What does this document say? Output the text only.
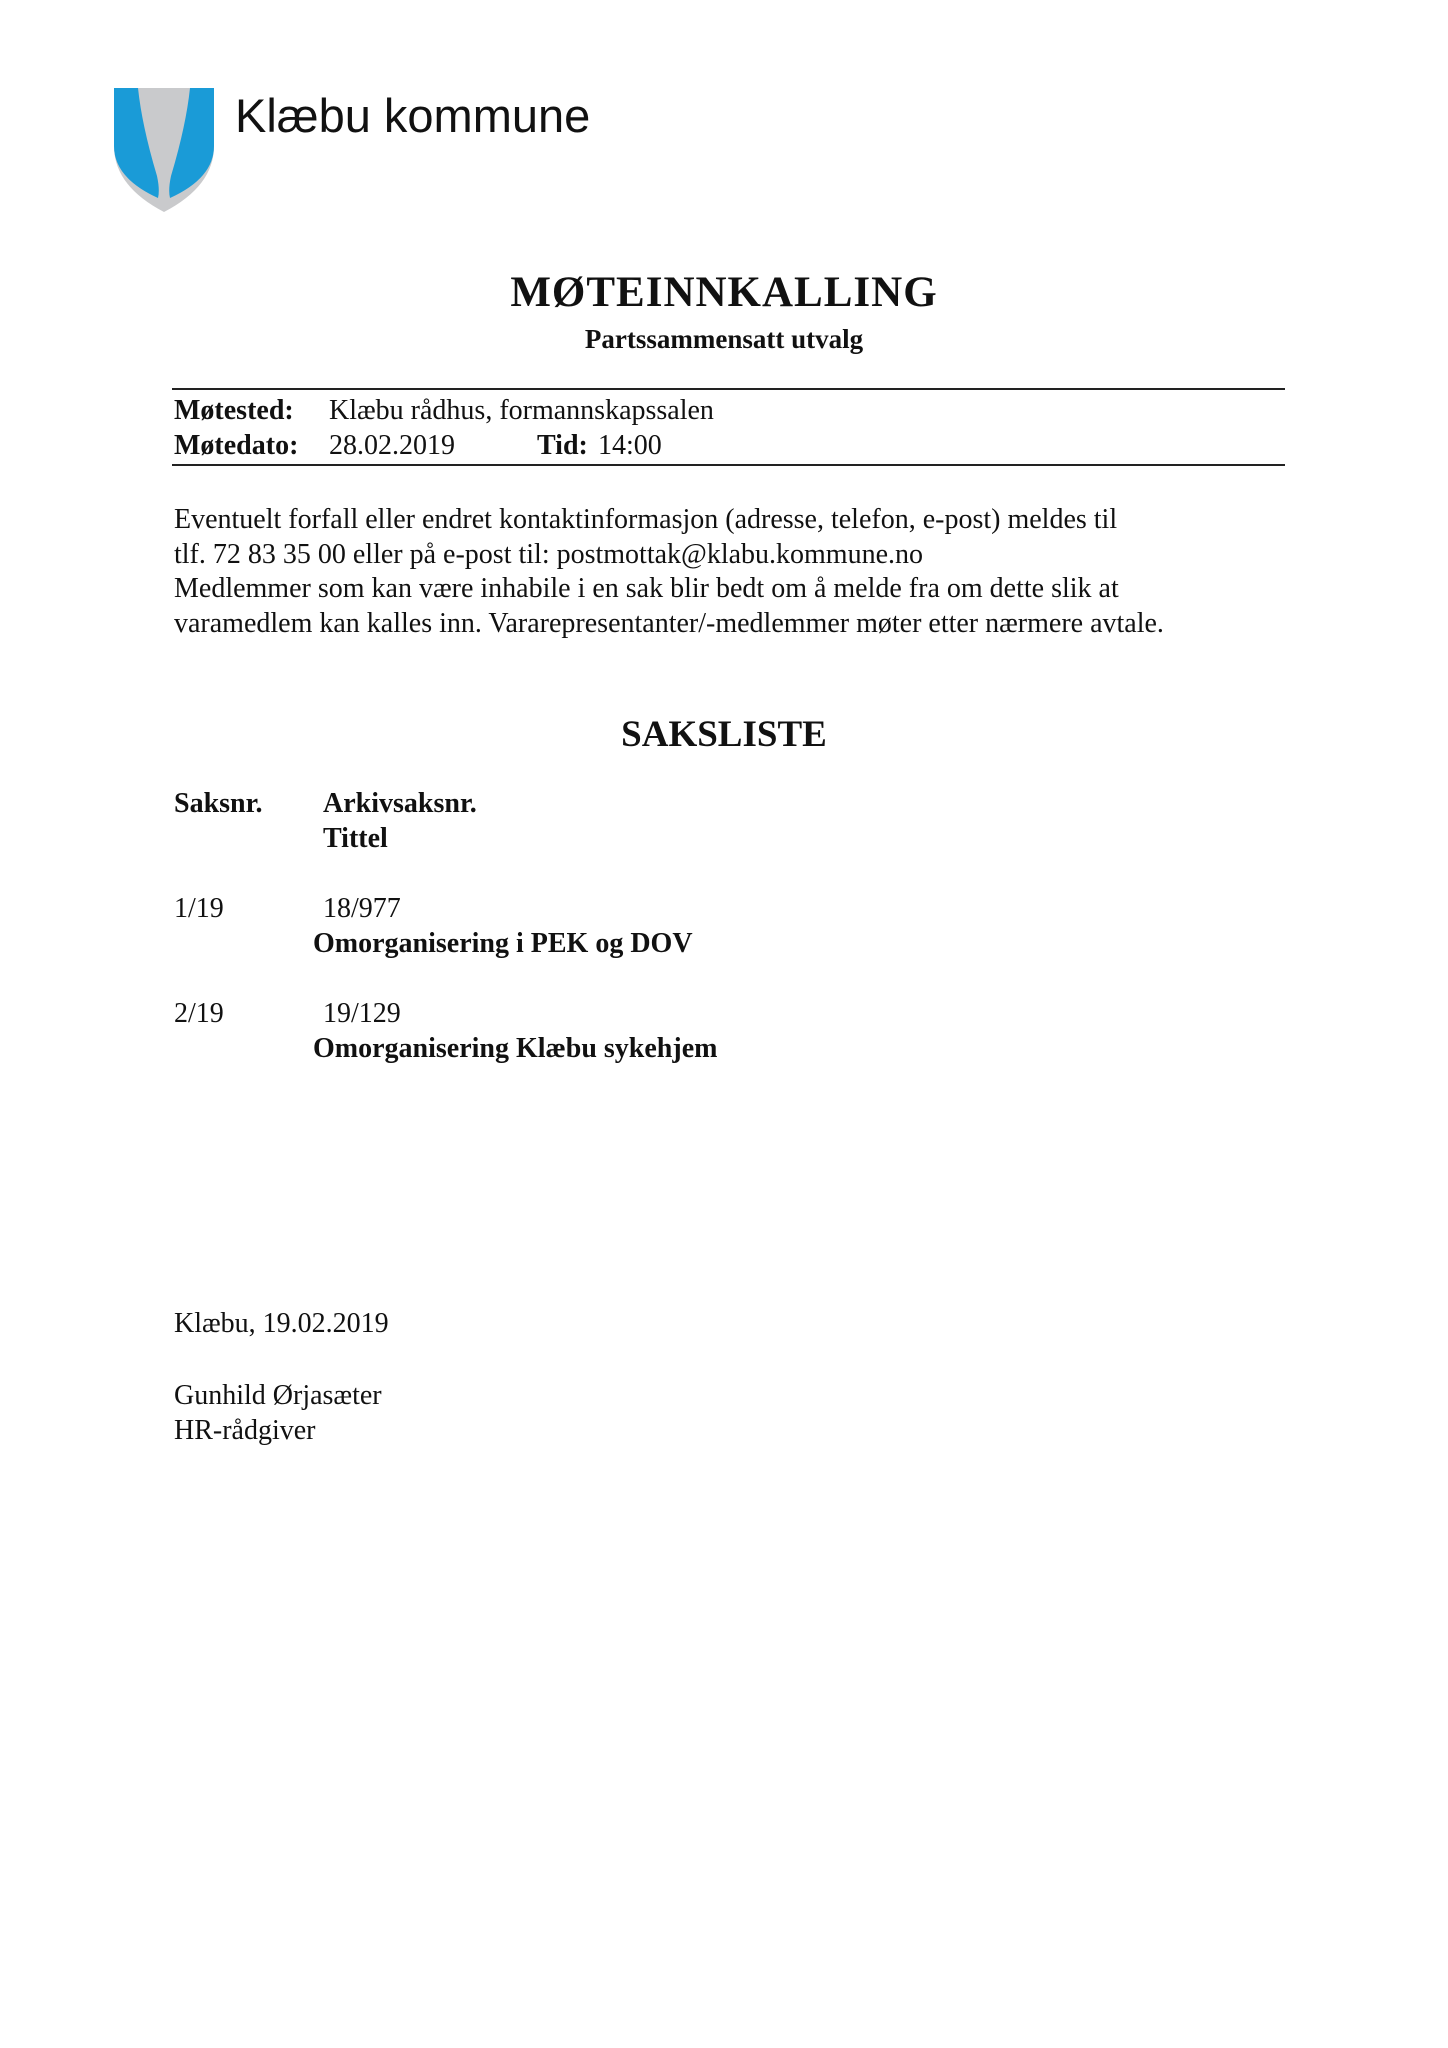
Klæbu kommune
MØTEINNKALLING
Partssammensatt utvalg
Møtested: Klæbu rådhus, formannskapssalen
Møtedato: 28.02.2019	Tid: 14:00
Eventuelt forfall eller endret kontaktinformasjon (adresse, telefon, e-post) meldes til
tlf. 72 83 35 00 eller på e-post til: postmottak@klabu.kommune.no
Medlemmer som kan være inhabile i en sak blir bedt om å melde fra om dette slik at
varamedlem kan kalles inn. Vararepresentanter/-medlemmer møter etter nærmere avtale.
SAKSLISTE
Saksnr. Arkivsaksnr.
Tittel
1/19	18/977
Omorganisering i PEK og DOV
2/19	19/129
Omorganisering Klæbu sykehjem
Klæbu, 19.02.2019
Gunhild Ørjasæter
HR-rådgiver
